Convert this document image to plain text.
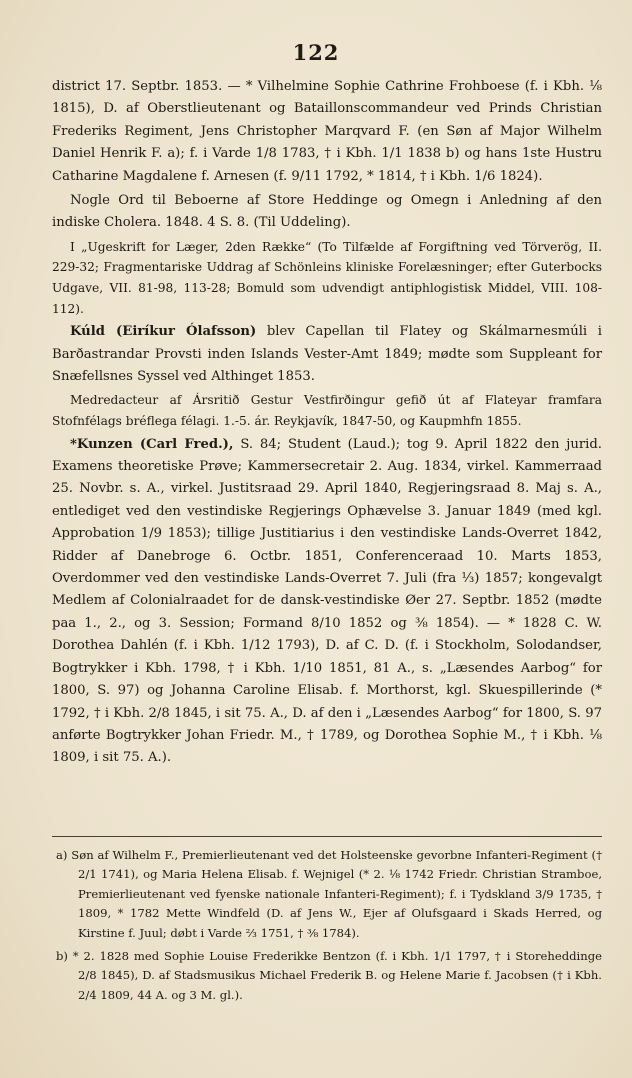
122

district 17. Septbr. 1853. — * Vilhelmine Sophie Cathrine Frohboese (f. i Kbh. ⅛ 1815), D. af Oberstlieutenant og Bataillonscommandeur ved Prinds Christian Frederiks Regiment, Jens Christopher Marqvard F. (en Søn af Major Wilhelm Daniel Henrik F. a); f. i Varde 1/8 1783, † i Kbh. 1/1 1838 b) og hans 1ste Hustru Catharine Magdalene f. Arnesen (f. 9/11 1792, * 1814, † i Kbh. 1/6 1824).

Nogle Ord til Beboerne af Store Heddinge og Omegn i Anledning af den indiske Cholera. 1848. 4 S. 8. (Til Uddeling).

I „Ugeskrift for Læger, 2den Række“ (To Tilfælde af Forgiftning ved Törverög, II. 229-32; Fragmentariske Uddrag af Schönleins kliniske Forelæsninger; efter Guterbocks Udgave, VII. 81-98, 113-28; Bomuld som udvendigt antiphlogistisk Middel, VIII. 108-112).

Kúld (Eiríkur Ólafsson) blev Capellan til Flatey og Skálmarnesmúli i Barðastrandar Provsti inden Islands Vester-Amt 1849; mødte som Suppleant for Snæfellsnes Syssel ved Althinget 1853.

Medredacteur af Ársritið Gestur Vestfirðingur gefið út af Flateyar framfara Stofnfélags bréflega félagi. 1.-5. ár. Reykjavík, 1847-50, og Kaupmhfn 1855.

*Kunzen (Carl Fred.), S. 84; Student (Laud.); tog 9. April 1822 den jurid. Examens theoretiske Prøve; Kammersecretair 2. Aug. 1834, virkel. Kammerraad 25. Novbr. s. A., virkel. Justitsraad 29. April 1840, Regjeringsraad 8. Maj s. A., entlediget ved den vestindiske Regjerings Ophævelse 3. Januar 1849 (med kgl. Approbation 1/9 1853); tillige Justitiarius i den vestindiske Lands-Overret 1842, Ridder af Danebroge 6. Octbr. 1851, Conferenceraad 10. Marts 1853, Overdommer ved den vestindiske Lands-Overret 7. Juli (fra ⅓) 1857; kongevalgt Medlem af Colonialraadet for de dansk-vestindiske Øer 27. Septbr. 1852 (mødte paa 1., 2., og 3. Session; Formand 8/10 1852 og ⅜ 1854). — * 1828 C. W. Dorothea Dahlén (f. i Kbh. 1/12 1793), D. af C. D. (f. i Stockholm, Solodandser, Bogtrykker i Kbh. 1798, † i Kbh. 1/10 1851, 81 A., s. „Læsendes Aarbog“ for 1800, S. 97) og Johanna Caroline Elisab. f. Morthorst, kgl. Skuespillerinde (* 1792, † i Kbh. 2/8 1845, i sit 75. A., D. af den i „Læsendes Aarbog“ for 1800, S. 97 anførte Bogtrykker Johan Friedr. M., † 1789, og Dorothea Sophie M., † i Kbh. ⅛ 1809, i sit 75. A.).

a) Søn af Wilhelm F., Premierlieutenant ved det Holsteenske gevorbne Infanteri-Regiment († 2/1 1741), og Maria Helena Elisab. f. Wejnigel (* 2. ⅛ 1742 Friedr. Christian Stramboe, Premierlieutenant ved fyenske nationale Infanteri-Regiment); f. i Tydskland 3/9 1735, † 1809, * 1782 Mette Windfeld (D. af Jens W., Ejer af Olufsgaard i Skads Herred, og Kirstine f. Juul; døbt i Varde ⅔ 1751, † ⅜ 1784).

b) * 2. 1828 med Sophie Louise Frederikke Bentzon (f. i Kbh. 1/1 1797, † i Storeheddinge 2/8 1845), D. af Stadsmusikus Michael Frederik B. og Helene Marie f. Jacobsen († i Kbh. 2/4 1809, 44 A. og 3 M. gl.).
